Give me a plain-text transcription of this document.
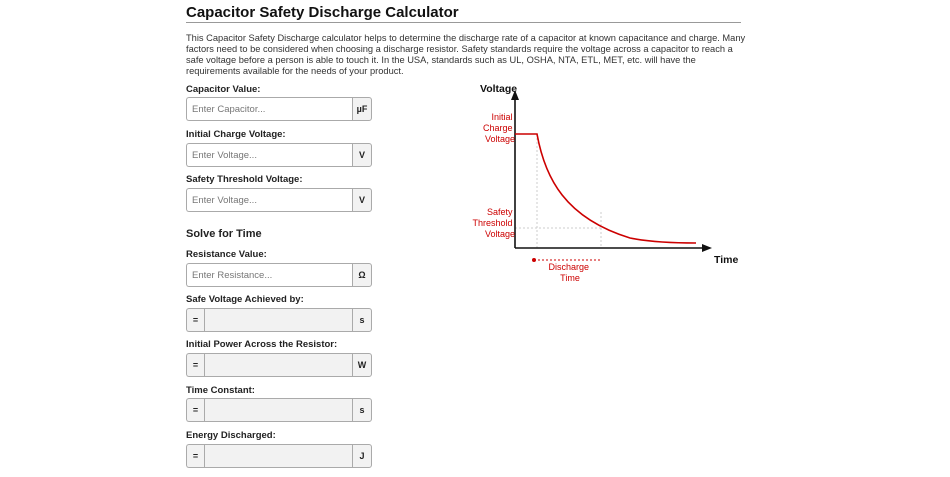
Capacitor Safety Discharge Calculator
This Capacitor Safety Discharge calculator helps to determine the discharge rate of a capacitor at known capacitance and charge. Many factors need to be considered when choosing a discharge resistor. Safety standards require the voltage across a capacitor to reach a safe voltage before a person is able to touch it. In the USA, standards such as UL, OSHA, NTA, ETL, MET, etc. will have the requirements available for the needs of your product.
Capacitor Value:
Enter Capacitor...
µF
Initial Charge Voltage:
Enter Voltage...
V
Safety Threshold Voltage:
Enter Voltage...
V
Solve for Time
Resistance Value:
Enter Resistance...
Ω
Safe Voltage Achieved by:
=	s
Initial Power Across the Resistor:
=	W
Time Constant:
=	s
Energy Discharged:
=	J
Voltage
Time
Initial Charge Voltage
Safety Threshold Voltage
Discharge Time
